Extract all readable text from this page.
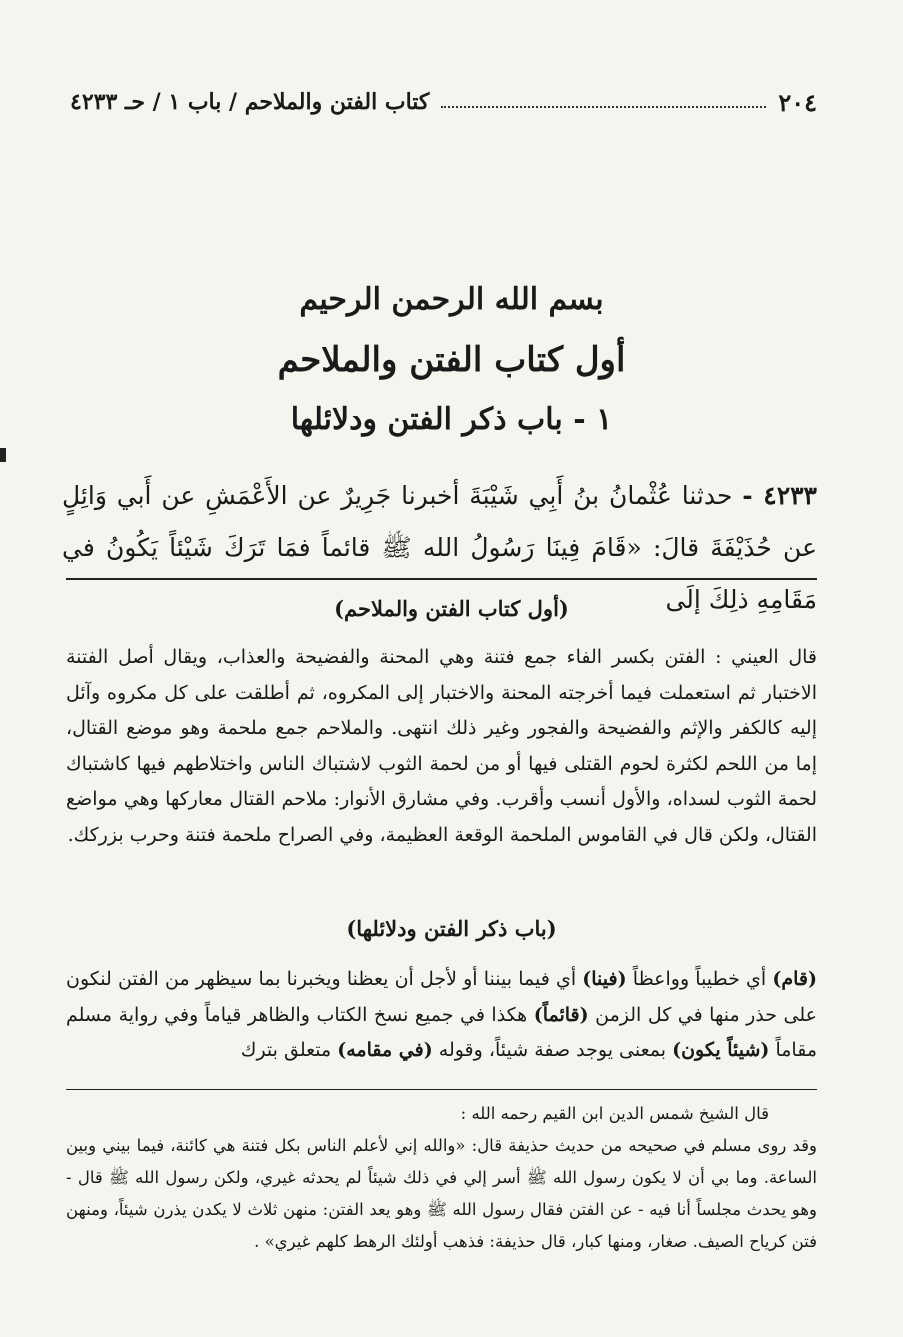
٢٠٤
كتاب الفتن والملاحم / باب ١ / حـ ٤٢٣٣
بسم الله الرحمن الرحيم
أول كتاب الفتن والملاحم
١ - باب ذكر الفتن ودلائلها
٤٢٣٣ - حدثنا عُثْمانُ بنُ أَبِي شَيْبَةَ أخبرنا جَرِيرٌ عن الأَعْمَشِ عن أَبي وَائِلٍ عن حُذَيْفَةَ قالَ: «قَامَ فِينَا رَسُولُ الله ﷺ قائماً فمَا تَرَكَ شَيْئاً يَكُونُ في مَقَامِهِ ذلِكَ إلَى
(أول كتاب الفتن والملاحم)
قال العيني : الفتن بكسر الفاء جمع فتنة وهي المحنة والفضيحة والعذاب، ويقال أصل الفتنة الاختبار ثم استعملت فيما أخرجته المحنة والاختبار إلى المكروه، ثم أطلقت على كل مكروه وآئل إليه كالكفر والإثم والفضيحة والفجور وغير ذلك انتهى. والملاحم جمع ملحمة وهو موضع القتال، إما من اللحم لكثرة لحوم القتلى فيها أو من لحمة الثوب لاشتباك الناس واختلاطهم فيها كاشتباك لحمة الثوب لسداه، والأول أنسب وأقرب. وفي مشارق الأنوار: ملاحم القتال معاركها وهي مواضع القتال، ولكن قال في القاموس الملحمة الوقعة العظيمة، وفي الصراح ملحمة فتنة وحرب بزركك.
(باب ذكر الفتن ودلائلها)
(قام) أي خطيباً وواعظاً (فينا) أي فيما بيننا أو لأجل أن يعظنا ويخبرنا بما سيظهر من الفتن لنكون على حذر منها في كل الزمن (قائماً) هكذا في جميع نسخ الكتاب والظاهر قياماً وفي رواية مسلم مقاماً (شيئاً يكون) بمعنى يوجد صفة شيئاً، وقوله (في مقامه) متعلق بترك
قال الشيخ شمس الدين ابن القيم رحمه الله :
وقد روى مسلم في صحيحه من حديث حذيفة قال: «والله إني لأعلم الناس بكل فتنة هي كائنة، فيما بيني وبين الساعة. وما بي أن لا يكون رسول الله ﷺ أسر إلي في ذلك شيئاً لم يحدثه غيري، ولكن رسول الله ﷺ قال - وهو يحدث مجلساً أنا فيه - عن الفتن فقال رسول الله ﷺ وهو يعد الفتن: منهن ثلاث لا يكدن يذرن شيئاً، ومنهن فتن كرياح الصيف. صغار، ومنها كبار، قال حذيفة: فذهب أولئك الرهط كلهم غيري» .
